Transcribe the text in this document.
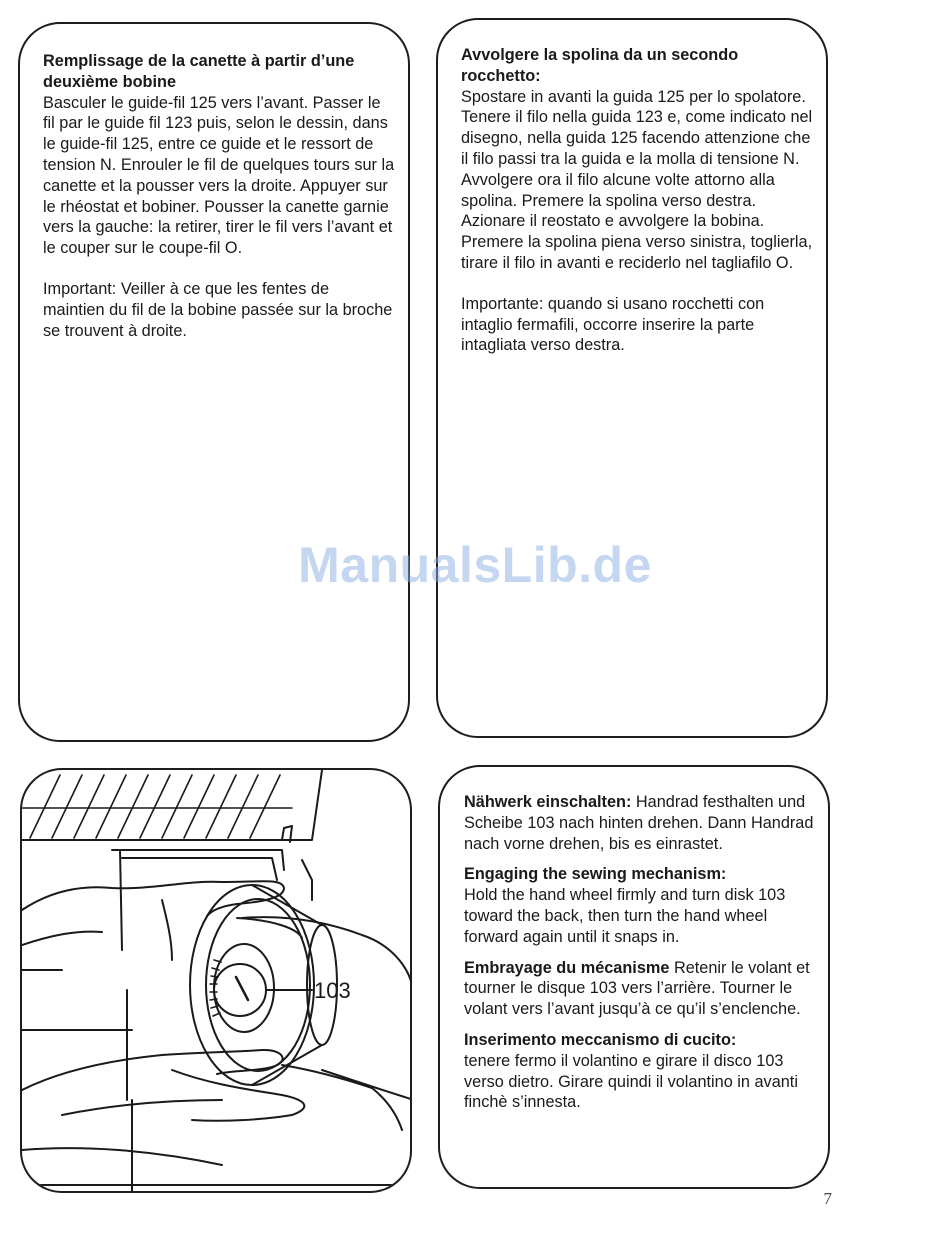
Remplissage de la canette à partir d’une deuxième bobine
Basculer le guide-fil 125 vers l’avant. Passer le fil par le guide fil 123 puis, selon le dessin, dans le guide-fil 125, entre ce guide et le ressort de tension N. Enrouler le fil de quelques tours sur la canette et la pousser vers la droite. Appuyer sur le rhéostat et bobiner. Pousser la canette garnie vers la gauche: la retirer, tirer le fil vers l’avant et le couper sur le coupe-fil O.
Important: Veiller à ce que les fentes de maintien du fil de la bobine passée sur la broche se trouvent à droite.
Avvolgere la spolina da un secondo rocchetto:
Spostare in avanti la guida 125 per lo spolatore. Tenere il filo nella guida 123 e, come indicato nel disegno, nella guida 125 facendo attenzione che il filo passi tra la guida e la molla di tensione N. Avvolgere ora il filo alcune volte attorno alla spolina. Premere la spolina verso destra. Azionare il reostato e avvolgere la bobina. Premere la spolina piena verso sinistra, toglierla, tirare il filo in avanti e reciderlo nel tagliafilo O.
Importante: quando si usano rocchetti con intaglio fermafili, occorre inserire la parte intagliata verso destra.
103
Nähwerk einschalten: Handrad festhalten und Scheibe 103 nach hinten drehen. Dann Handrad nach vorne drehen, bis es einrastet.
Engaging the sewing mechanism:
Hold the hand wheel firmly and turn disk 103 toward the back, then turn the hand wheel forward again until it snaps in.
Embrayage du mécanisme Retenir le volant et tourner le disque 103 vers l’arrière. Tourner le volant vers l’avant jusqu’à ce qu’il s’enclenche.
Inserimento meccanismo di cucito:
tenere fermo il volantino e girare il disco 103 verso dietro. Girare quindi il volantino in avanti finchè s’innesta.
ManualsLib.de
7
